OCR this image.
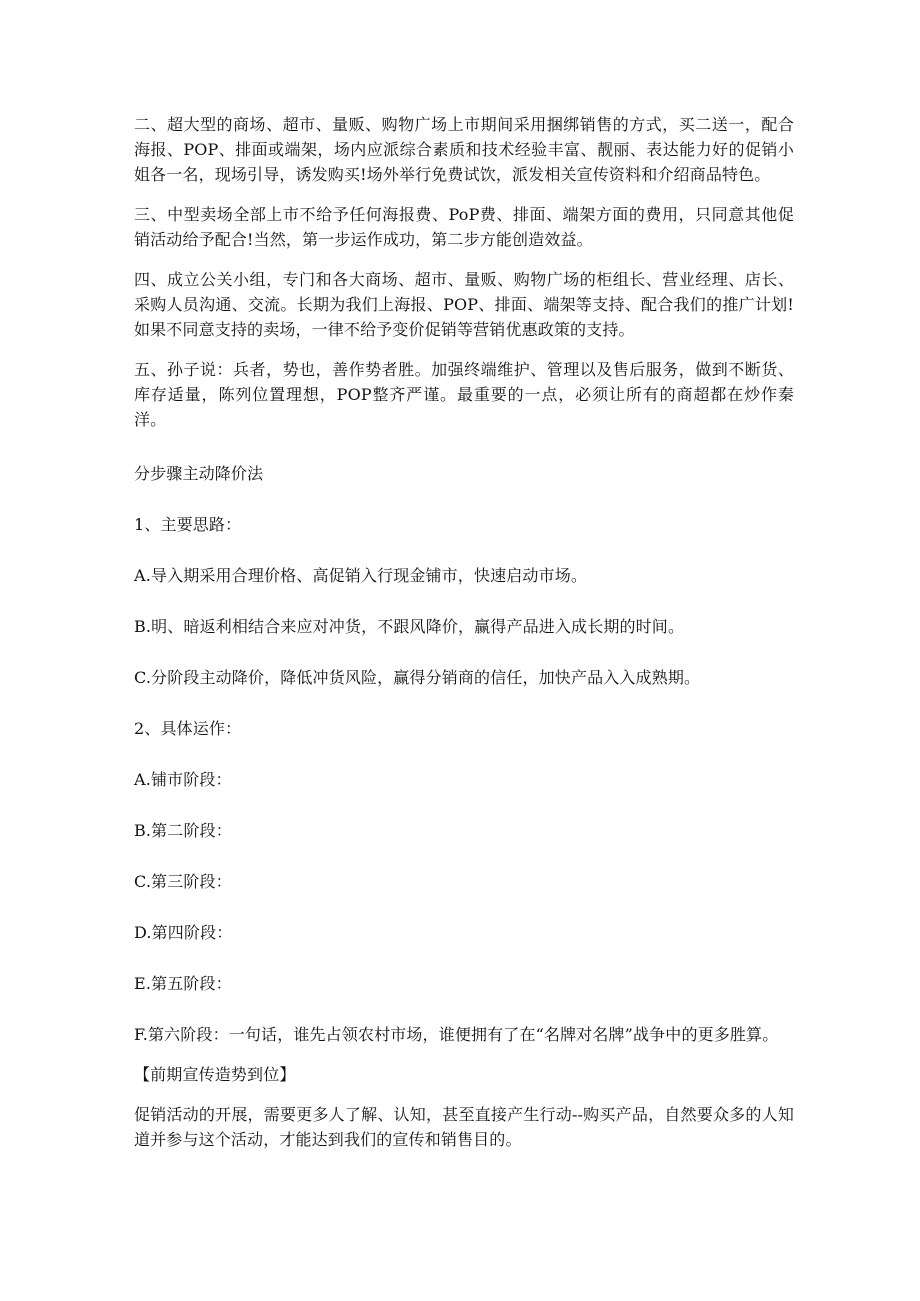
二、超大型的商场、超市、量贩、购物广场上市期间采用捆绑销售的方式，买二送一，配合海报、POP、排面或端架，场内应派综合素质和技术经验丰富、靓丽、表达能力好的促销小姐各一名，现场引导，诱发购买!场外举行免费试饮，派发相关宣传资料和介绍商品特色。

三、中型卖场全部上市不给予任何海报费、PoP费、排面、端架方面的费用，只同意其他促销活动给予配合!当然，第一步运作成功，第二步方能创造效益。

四、成立公关小组，专门和各大商场、超市、量贩、购物广场的柜组长、营业经理、店长、采购人员沟通、交流。长期为我们上海报、POP、排面、端架等支持、配合我们的推广计划!如果不同意支持的卖场，一律不给予变价促销等营销优惠政策的支持。

五、孙子说：兵者，势也，善作势者胜。加强终端维护、管理以及售后服务，做到不断货、库存适量，陈列位置理想，POP整齐严谨。最重要的一点，必须让所有的商超都在炒作秦洋。

分步骤主动降价法

1、主要思路：

A.导入期采用合理价格、高促销入行现金铺市，快速启动市场。

B.明、暗返利相结合来应对冲货，不跟风降价，赢得产品进入成长期的时间。

C.分阶段主动降价，降低冲货风险，赢得分销商的信任，加快产品入入成熟期。

2、具体运作：

A.铺市阶段：

B.第二阶段：

C.第三阶段：

D.第四阶段：

E.第五阶段：

F.第六阶段：一句话，谁先占领农村市场，谁便拥有了在“名牌对名牌”战争中的更多胜算。

【前期宣传造势到位】

促销活动的开展，需要更多人了解、认知，甚至直接产生行动--购买产品，自然要众多的人知道并参与这个活动，才能达到我们的宣传和销售目的。
